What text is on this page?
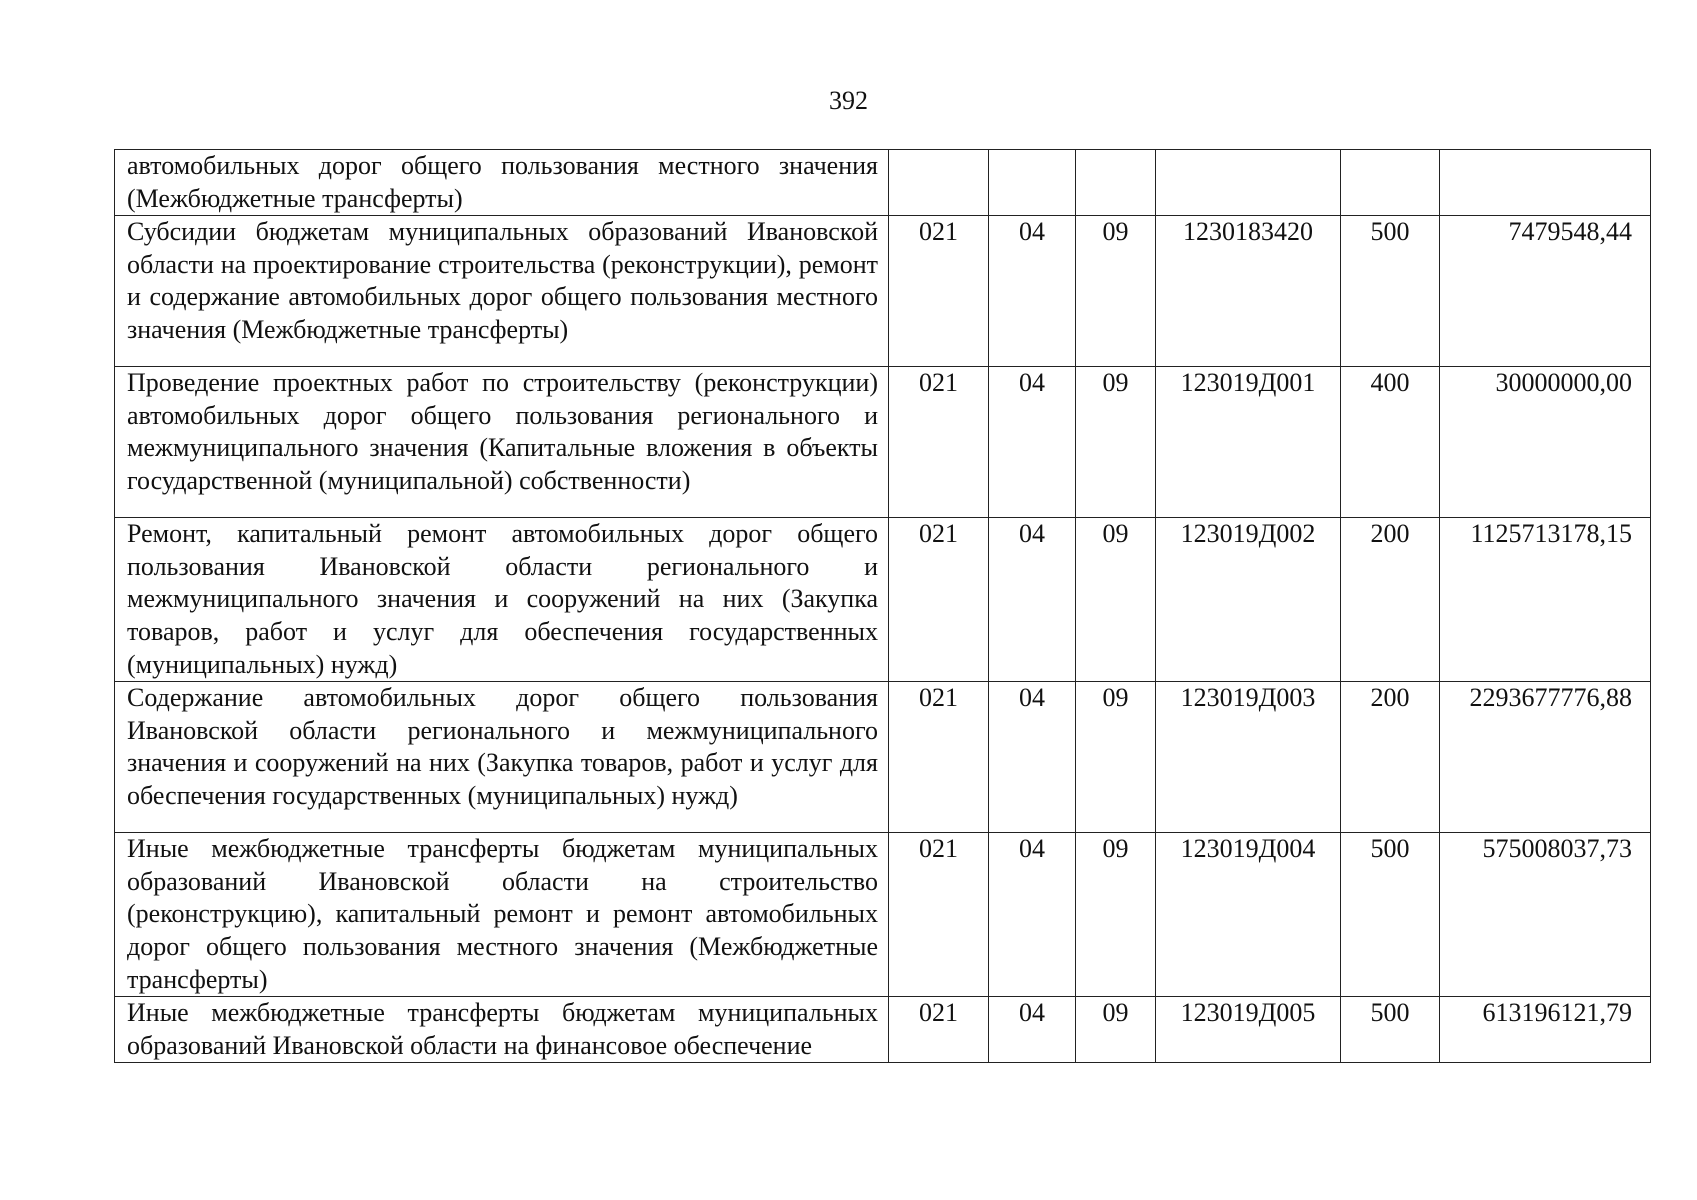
392
автомобильных дорог общего пользования местного значения (Межбюджетные трансферты)						
Субсидии бюджетам муниципальных образований Ивановской области на проектирование строительства (реконструкции), ремонт и содержание автомобильных дорог общего пользования местного значения (Межбюджетные трансферты)	021	04	09	1230183420	500	7479548,44
Проведение проектных работ по строительству (реконструкции) автомобильных дорог общего пользования регионального и межмуниципального значения (Капитальные вложения в объекты государственной (муниципальной) собственности)	021	04	09	123019Д001	400	30000000,00
Ремонт, капитальный ремонт автомобильных дорог общего пользования Ивановской области регионального и межмуниципального значения и сооружений на них (Закупка товаров, работ и услуг для обеспечения государственных (муниципальных) нужд)	021	04	09	123019Д002	200	1125713178,15
Содержание автомобильных дорог общего пользования Ивановской области регионального и межмуниципального значения и сооружений на них (Закупка товаров, работ и услуг для обеспечения государственных (муниципальных) нужд)	021	04	09	123019Д003	200	2293677776,88
Иные межбюджетные трансферты бюджетам муниципальных образований Ивановской области на строительство (реконструкцию), капитальный ремонт и ремонт автомобильных дорог общего пользования местного значения (Межбюджетные трансферты)	021	04	09	123019Д004	500	575008037,73
Иные межбюджетные трансферты бюджетам муниципальных образований Ивановской области на финансовое обеспечение	021	04	09	123019Д005	500	613196121,79
